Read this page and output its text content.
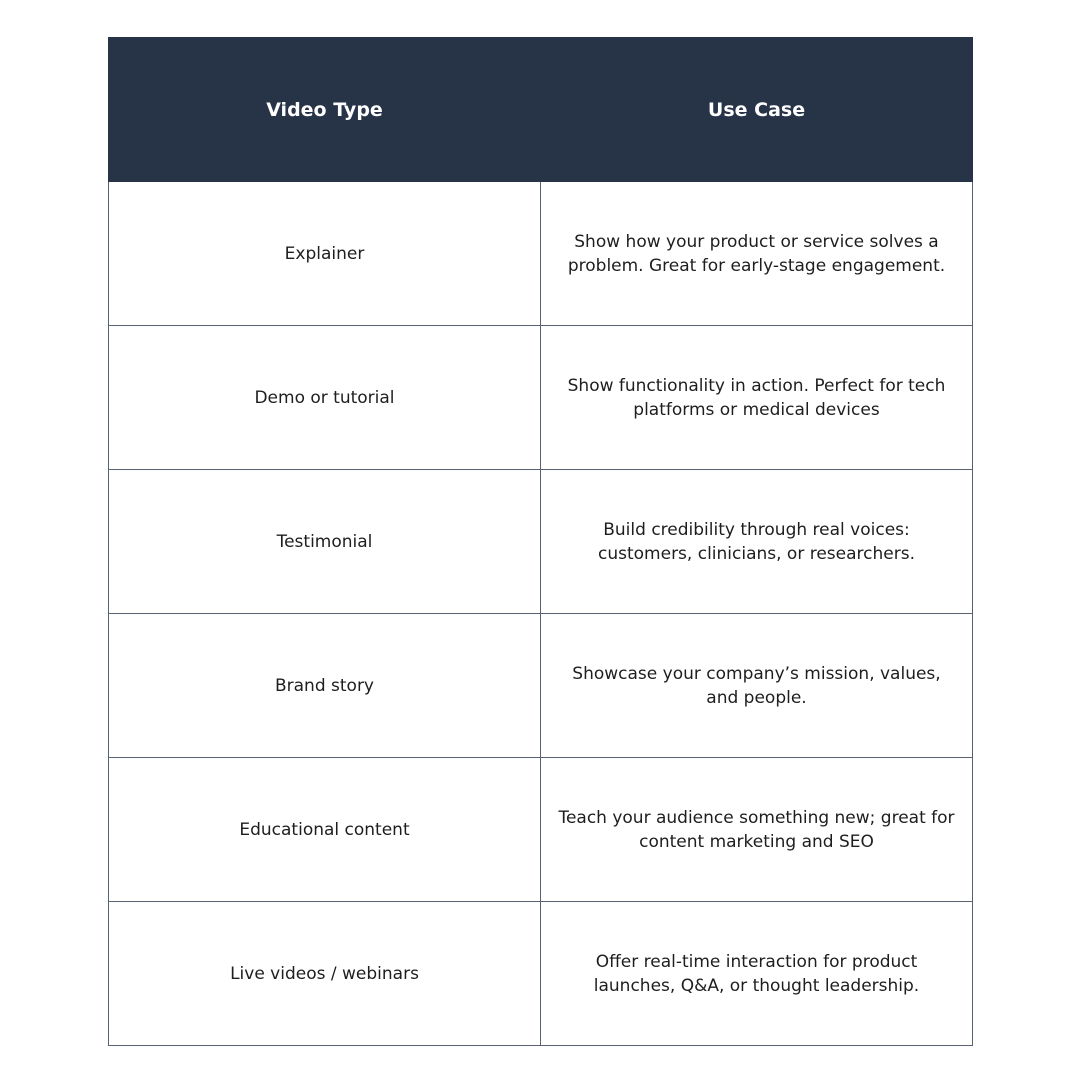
Video Type	Use Case
Explainer	Show how your product or service solves a problem. Great for early-stage engagement.
Demo or tutorial	Show functionality in action. Perfect for tech platforms or medical devices
Testimonial	Build credibility through real voices: customers, clinicians, or researchers.
Brand story	Showcase your company’s mission, values, and people.
Educational content	Teach your audience something new; great for content marketing and SEO
Live videos / webinars	Offer real-time interaction for product launches, Q&A, or thought leadership.
